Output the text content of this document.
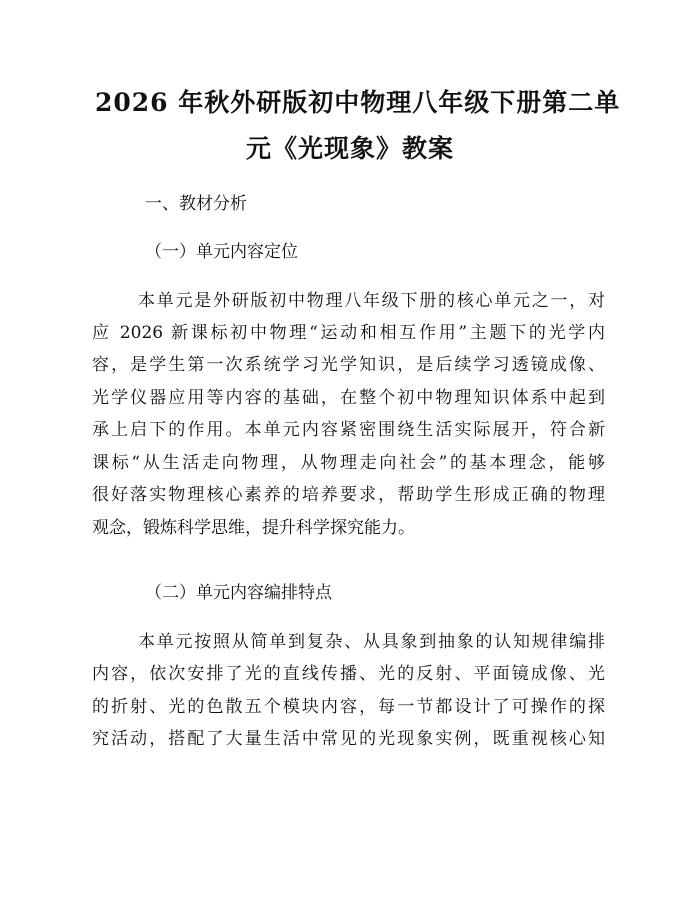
2026 年秋外研版初中物理八年级下册第二单
元《光现象》教案
一、教材分析
（一）单元内容定位
本单元是外研版初中物理八年级下册的核心单元之一，对
应 2026 新课标初中物理“运动和相互作用”主题下的光学内
容，是学生第一次系统学习光学知识，是后续学习透镜成像、
光学仪器应用等内容的基础，在整个初中物理知识体系中起到
承上启下的作用。本单元内容紧密围绕生活实际展开，符合新
课标“从生活走向物理，从物理走向社会”的基本理念，能够
很好落实物理核心素养的培养要求，帮助学生形成正确的物理
观念，锻炼科学思维，提升科学探究能力。
（二）单元内容编排特点
本单元按照从简单到复杂、从具象到抽象的认知规律编排
内容，依次安排了光的直线传播、光的反射、平面镜成像、光
的折射、光的色散五个模块内容，每一节都设计了可操作的探
究活动，搭配了大量生活中常见的光现象实例，既重视核心知
